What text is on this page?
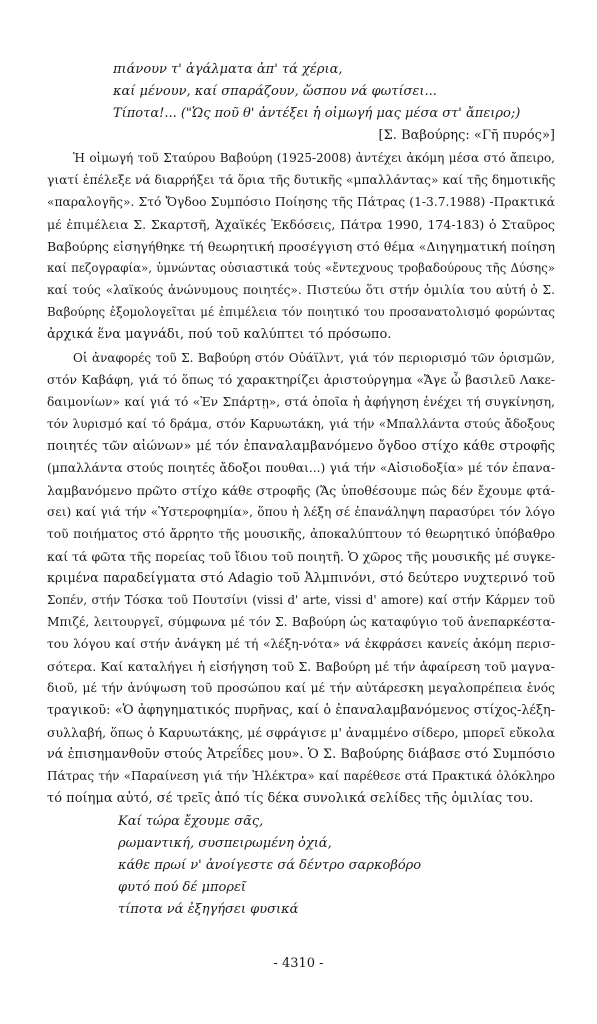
πιάνουν τ' ἀγάλματα ἀπ' τά χέρια,
καί μένουν, καί σπαράζουν, ὥσπου νά φωτίσει...
Τίποτα!... ("Ὡς ποῦ θ' ἀντέξει ἡ οἰμωγή μας μέσα στ' ἄπειρο;)
[Σ. Βαβούρης: «Γῆ πυρός»]
Ἡ οἰμωγή τοῦ Σταύρου Βαβούρη (1925-2008) ἀντέχει ἀκόμη μέσα στό ἄπειρο,
γιατί ἐπέλεξε νά διαρρήξει τά ὅρια τῆς δυτικῆς «μπαλλάντας» καί τῆς δημοτικῆς
«παραλογῆς». Στό Ὄγδοο Συμπόσιο Ποίησης τῆς Πάτρας (1-3.7.1988) -Πρακτικά
μέ ἐπιμέλεια Σ. Σκαρτσῆ, Ἀχαϊκές Ἐκδόσεις, Πάτρα 1990, 174-183) ὁ Σταῦρος
Βαβούρης εἰσηγήθηκε τή θεωρητική προσέγγιση στό θέμα «Διηγηματική ποίηση
καί πεζογραφία», ὑμνώντας οὐσιαστικά τούς «ἔντεχνους τροβαδούρους τῆς Δύσης»
καί τούς «λαϊκούς ἀνώνυμους ποιητές». Πιστεύω ὅτι στήν ὁμιλία του αὐτή ὁ Σ.
Βαβούρης ἐξομολογεῖται μέ ἐπιμέλεια τόν ποιητικό του προσανατολισμό φορώντας
ἀρχικά ἕνα μαγνάδι, πού τοῦ καλύπτει τό πρόσωπο.
Οἱ ἀναφορές τοῦ Σ. Βαβούρη στόν Οὐάϊλντ, γιά τόν περιορισμό τῶν ὁρισμῶν,
στόν Καβάφη, γιά τό ὅπως τό χαρακτηρίζει ἀριστούργημα «Ἄγε ὦ βασιλεῦ Λακε-
δαιμονίων» καί γιά τό «Ἐν Σπάρτῃ», στά ὁποῖα ἡ ἀφήγηση ἐνέχει τή συγκίνηση,
τόν λυρισμό καί τό δράμα, στόν Καρυωτάκη, γιά τήν «Μπαλλάντα στούς ἄδοξους
ποιητές τῶν αἰώνων» μέ τόν ἐπαναλαμβανόμενο ὄγδοο στίχο κάθε στροφῆς
(μπαλλάντα στούς ποιητές ἄδοξοι πουθαι...) γιά τήν «Αἰσιοδοξία» μέ τόν ἐπανα-
λαμβανόμενο πρῶτο στίχο κάθε στροφῆς (Ἄς ὑποθέσουμε πώς δέν ἔχουμε φτά-
σει) καί γιά τήν «Ὑστεροφημία», ὅπου ἡ λέξη σέ ἐπανάληψη παρασύρει τόν λόγο
τοῦ ποιήματος στό ἄρρητο τῆς μουσικῆς, ἀποκαλύπτουν τό θεωρητικό ὑπόβαθρο
καί τά φῶτα τῆς πορείας τοῦ ἴδιου τοῦ ποιητῆ. Ὁ χῶρος τῆς μουσικῆς μέ συγκε-
κριμένα παραδείγματα στό Adagio τοῦ Ἀλμπινόνι, στό δεύτερο νυχτερινό τοῦ
Σοπέν, στήν Τόσκα τοῦ Πουτσίνι (vissi d' arte, vissi d' amore) καί στήν Κάρμεν τοῦ
Μπιζέ, λειτουργεῖ, σύμφωνα μέ τόν Σ. Βαβούρη ὡς καταφύγιο τοῦ ἀνεπαρκέστα-
του λόγου καί στήν ἀνάγκη μέ τή «λέξη-νότα» νά ἐκφράσει κανείς ἀκόμη περισ-
σότερα. Καί καταλήγει ἡ εἰσήγηση τοῦ Σ. Βαβούρη μέ τήν ἀφαίρεση τοῦ μαγνα-
διοῦ, μέ τήν ἀνύψωση τοῦ προσώπου καί μέ τήν αὐτάρεσκη μεγαλοπρέπεια ἑνός
τραγικοῦ: «Ὁ ἀφηγηματικός πυρῆνας, καί ὁ ἐπαναλαμβανόμενος στίχος-λέξη-
συλλαβή, ὅπως ὁ Καρυωτάκης, μέ σφράγισε μ' ἀναμμένο σίδερο, μπορεῖ εὔκολα
νά ἐπισημανθοῦν στούς Ἀτρεΐδες μου». Ὁ Σ. Βαβούρης διάβασε στό Συμπόσιο
Πάτρας τήν «Παραίνεση γιά τήν Ἠλέκτρα» καί παρέθεσε στά Πρακτικά ὁλόκληρο
τό ποίημα αὐτό, σέ τρεῖς ἀπό τίς δέκα συνολικά σελίδες τῆς ὁμιλίας του.
Καί τώρα ἔχουμε σᾶς,
ρωμαντική, συσπειρωμένη ὀχιά,
κάθε πρωί ν' ἀνοίγεστε σά δέντρο σαρκοβόρο
φυτό πού δέ μπορεῖ
τίποτα νά ἐξηγήσει φυσικά
- 4310 -
